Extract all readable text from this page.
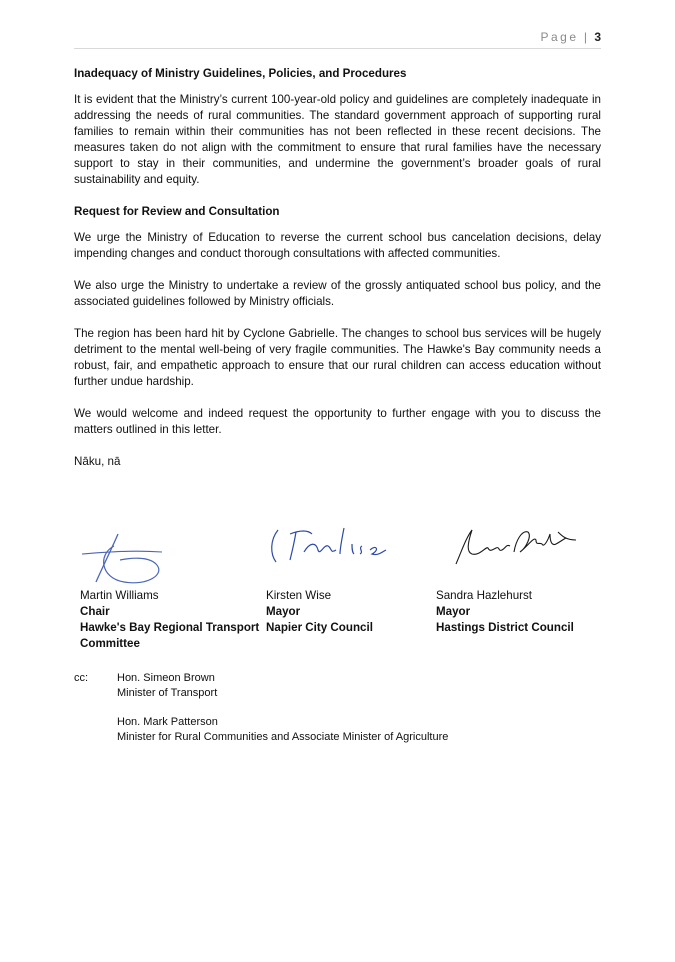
Page | 3
Inadequacy of Ministry Guidelines, Policies, and Procedures

It is evident that the Ministry’s current 100-year-old policy and guidelines are completely inadequate in addressing the needs of rural communities. The standard government approach of supporting rural families to remain within their communities has not been reflected in these recent decisions. The measures taken do not align with the commitment to ensure that rural families have the necessary support to stay in their communities, and undermine the government’s broader goals of rural sustainability and equity.

Request for Review and Consultation

We urge the Ministry of Education to reverse the current school bus cancelation decisions, delay impending changes and conduct thorough consultations with affected communities.

We also urge the Ministry to undertake a review of the grossly antiquated school bus policy, and the associated guidelines followed by Ministry officials.

The region has been hard hit by Cyclone Gabrielle. The changes to school bus services will be hugely detriment to the mental well-being of very fragile communities. The Hawke's Bay community needs a robust, fair, and empathetic approach to ensure that our rural children can access education without further undue hardship.

We would welcome and indeed request the opportunity to further engage with you to discuss the matters outlined in this letter.

Nāku, nā

Martin Williams
Chair
Hawke's Bay Regional Transport
Committee
Kirsten Wise
Mayor
Napier City Council
Sandra Hazlehurst
Mayor
Hastings District Council
cc:	Hon. Simeon Brown
Minister of Transport
Hon. Mark Patterson
Minister for Rural Communities and Associate Minister of Agriculture
